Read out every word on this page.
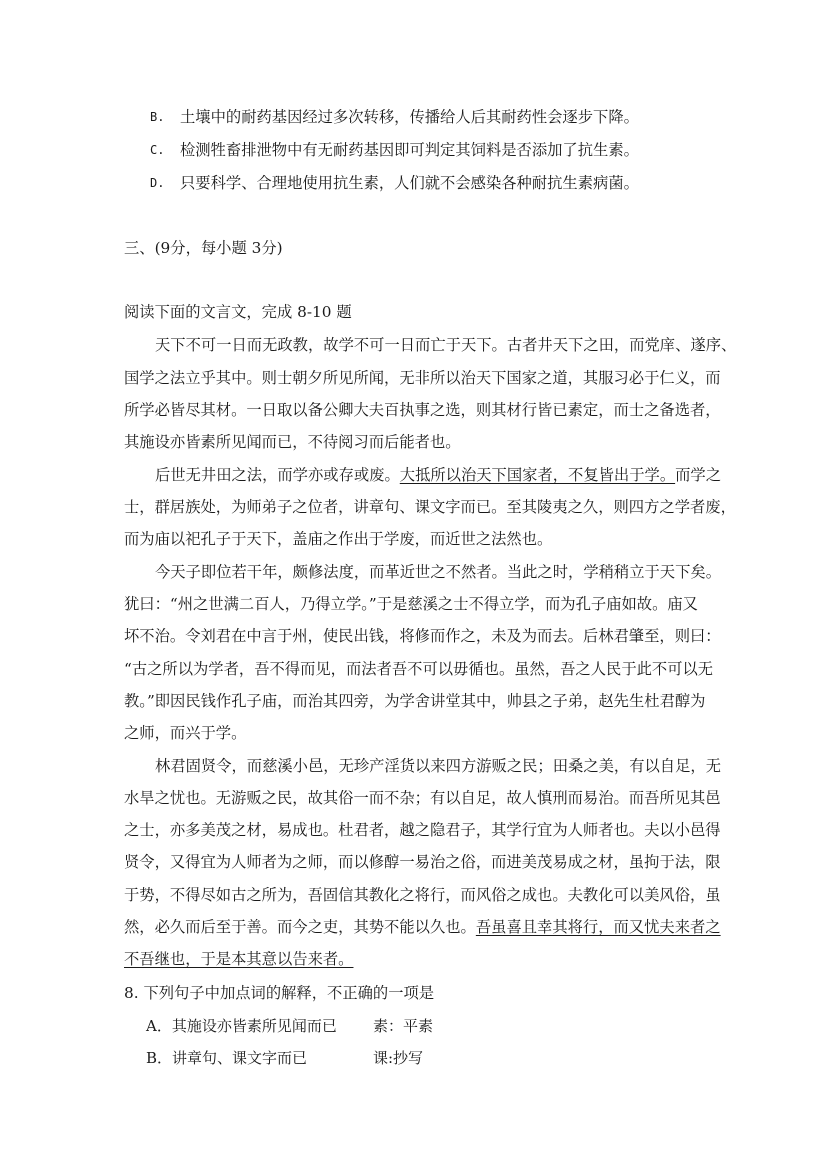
B. 土壤中的耐药基因经过多次转移，传播给人后其耐药性会逐步下降。
C. 检测牲畜排泄物中有无耐药基因即可判定其饲料是否添加了抗生素。
D. 只要科学、合理地使用抗生素，人们就不会感染各种耐抗生素病菌。
三、(9分，每小题 3分)
阅读下面的文言文，完成 8-10 题
天下不可一日而无政教，故学不可一日而亡于天下。古者井天下之田，而党庠、遂序、
国学之法立乎其中。则士朝夕所见所闻，无非所以治天下国家之道，其服习必于仁义，而
所学必皆尽其材。一日取以备公卿大夫百执事之选，则其材行皆已素定，而士之备选者，
其施设亦皆素所见闻而已，不待阅习而后能者也。
后世无井田之法，而学亦或存或废。大抵所以治天下国家者，不复皆出于学。而学之
士，群居族处，为师弟子之位者，讲章句、课文字而已。至其陵夷之久，则四方之学者废，
而为庙以祀孔子于天下，盖庙之作出于学废，而近世之法然也。
今天子即位若干年，颇修法度，而革近世之不然者。当此之时，学稍稍立于天下矣。
犹曰：“州之世满二百人，乃得立学。”于是慈溪之士不得立学，而为孔子庙如故。庙又
坏不治。令刘君在中言于州，使民出钱，将修而作之，未及为而去。后林君肇至，则曰：
“古之所以为学者，吾不得而见，而法者吾不可以毋循也。虽然，吾之人民于此不可以无
教。”即因民钱作孔子庙，而治其四旁，为学舍讲堂其中，帅县之子弟，赵先生杜君醇为
之师，而兴于学。
林君固贤令，而慈溪小邑，无珍产淫货以来四方游贩之民；田桑之美，有以自足，无
水旱之忧也。无游贩之民，故其俗一而不杂；有以自足，故人慎刑而易治。而吾所见其邑
之士，亦多美茂之材，易成也。杜君者，越之隐君子，其学行宜为人师者也。夫以小邑得
贤令，又得宜为人师者为之师，而以修醇一易治之俗，而进美茂易成之材，虽拘于法，限
于势，不得尽如古之所为，吾固信其教化之将行，而风俗之成也。夫教化可以美风俗，虽
然，必久而后至于善。而今之吏，其势不能以久也。吾虽喜且幸其将行，而又忧夫来者之
不吾继也，于是本其意以告来者。
8. 下列句子中加点词的解释，不正确的一项是
A．其施设亦皆素所见闻而已 素：平素
B．讲章句、课文字而已	课:抄写
